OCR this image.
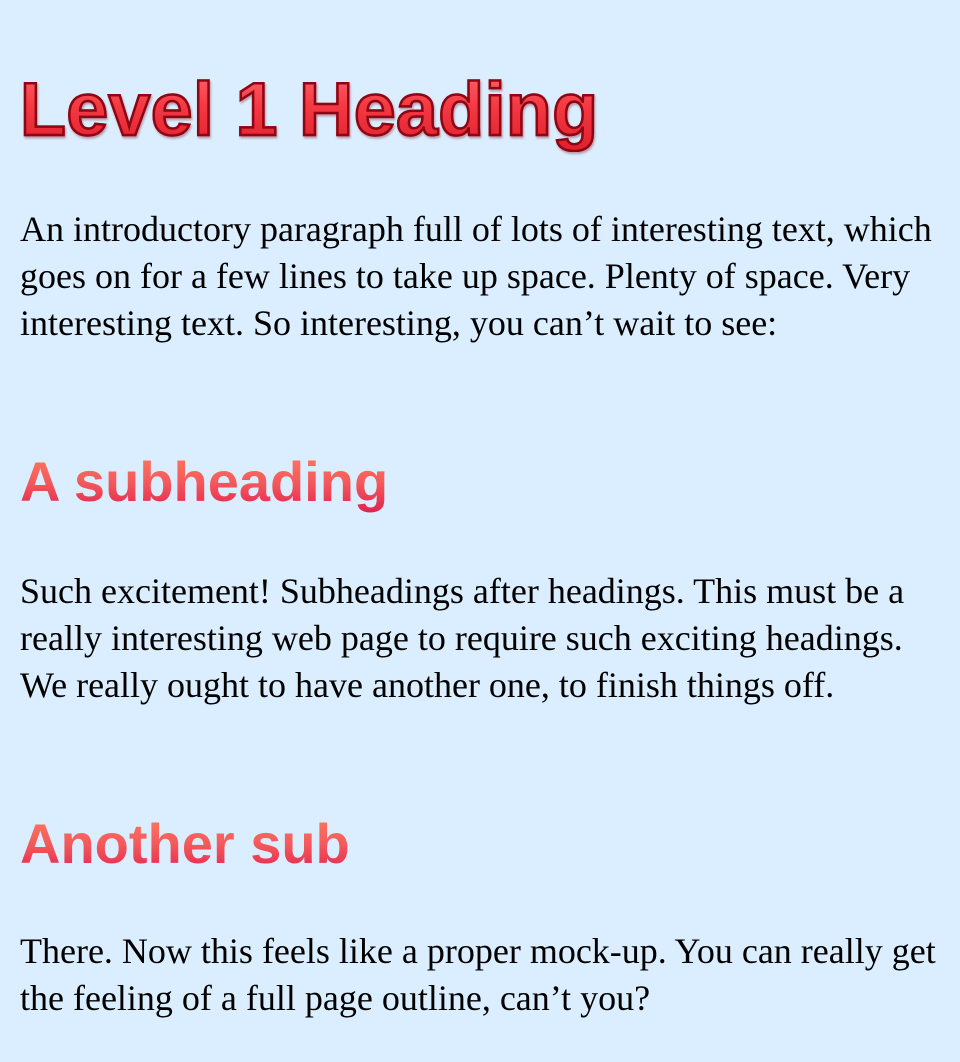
Level 1 Heading

An introductory paragraph full of lots of interesting text, which goes on for a few lines to take up space. Plenty of space. Very interesting text. So interesting, you can’t wait to see:

A subheading

Such excitement! Subheadings after headings. This must be a really interesting web page to require such exciting headings. We really ought to have another one, to finish things off.

Another sub

There. Now this feels like a proper mock-up. You can really get the feeling of a full page outline, can’t you?
